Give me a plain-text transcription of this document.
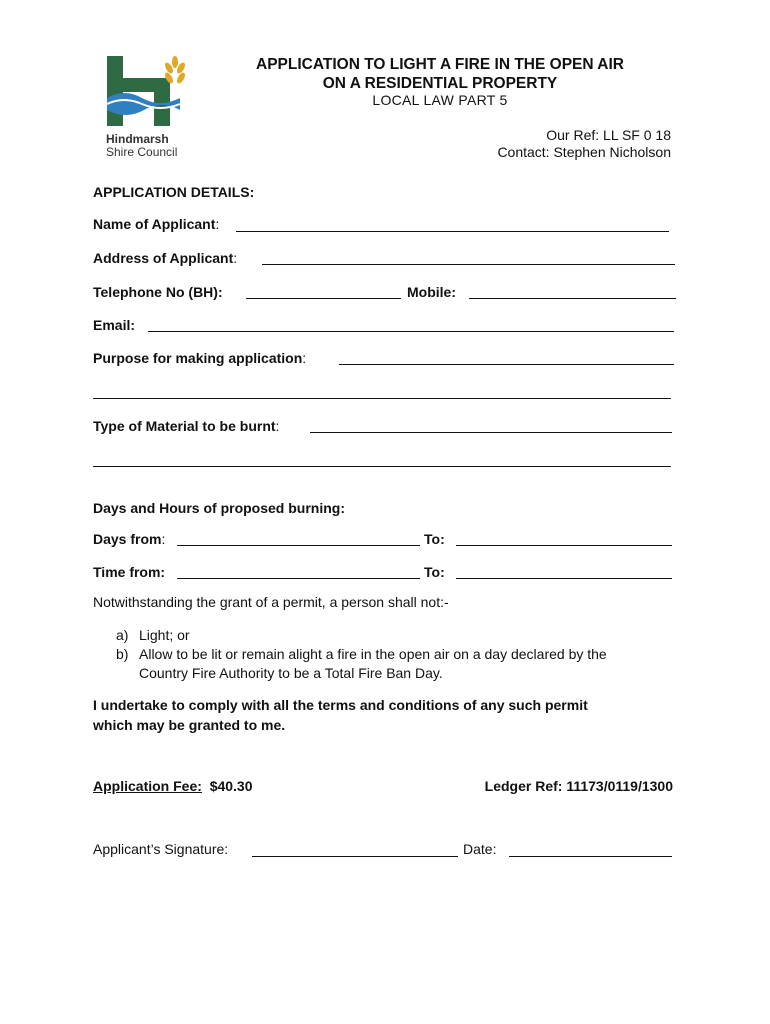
Hindmarsh
Shire Council
APPLICATION TO LIGHT A FIRE IN THE OPEN AIR
ON A RESIDENTIAL PROPERTY
LOCAL LAW PART 5
Our Ref: LL SF 0 18
Contact: Stephen Nicholson
APPLICATION DETAILS:
Name of Applicant:
Address of Applicant:
Telephone No (BH):	Mobile:
Email:
Purpose for making application:
Type of Material to be burnt:
Days and Hours of proposed burning:
Days from:	To:
Time from:	To:
Notwithstanding the grant of a permit, a person shall not:-
a) Light; or
b) Allow to be lit or remain alight a fire in the open air on a day declared by the
Country Fire Authority to be a Total Fire Ban Day.
I undertake to comply with all the terms and conditions of any such permit
which may be granted to me.
Application Fee: $40.30	Ledger Ref: 11173/0119/1300
Applicant’s Signature:	Date:
